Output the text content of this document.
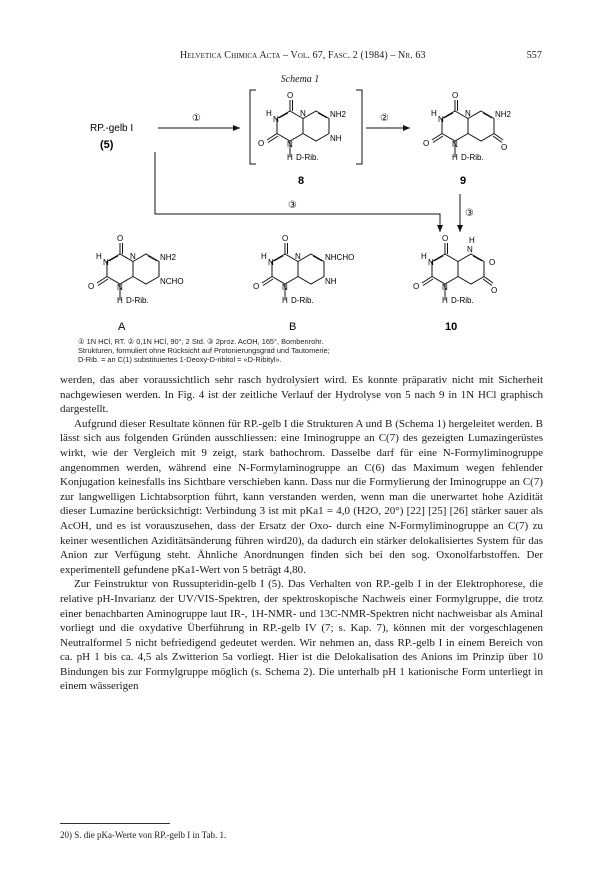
Helvetica Chimica Acta – Vol. 67, Fasc. 2 (1984) – Nr. 63	557
Schema 1
RP.-gelb I
(5)
①
O
H
N
O	N
N	NH2
NH
H D-Rib.
8
②
O
H
N
O	N
N	NH2
O
H D-Rib.
9
③
③
O
H
N
O	N
N	NH2
NCHO
H D-Rib.
A
O
H
N
O	N
N	NHCHO
NH
H D-Rib.
B
O
H
N
O	N
H
N
O
O
H D-Rib.
10
① 1N HCl, RT. ② 0,1N HCl, 90°, 2 Std. ③ 2proz. AcOH, 165°, Bombenrohr.
Strukturen, formuliert ohne Rücksicht auf Protonierungsgrad und Tautomerie;
D-Rib. = an C(1) substituiertes 1-Deoxy-D-ribitol = «D-Ribityl».

werden, das aber voraussichtlich sehr rasch hydrolysiert wird. Es konnte präparativ nicht mit Sicherheit nachgewiesen werden. In Fig. 4 ist der zeitliche Verlauf der Hydrolyse von 5 nach 9 in 1N HCl graphisch dargestellt.

Aufgrund dieser Resultate können für RP.-gelb I die Strukturen A und B (Schema 1) hergeleitet werden. B lässt sich aus folgenden Gründen ausschliessen: eine Iminogruppe an C(7) des gezeigten Lumazingerüstes wirkt, wie der Vergleich mit 9 zeigt, stark bathochrom. Dasselbe darf für eine N-Formyliminogruppe angenommen werden, während eine N-Formylaminogruppe an C(6) das Maximum wegen fehlender Konjugation keinesfalls ins Sichtbare verschieben kann. Dass nur die Formylierung der Iminogruppe an C(7) zur langwelligen Lichtabsorption führt, kann verstanden werden, wenn man die unerwartet hohe Azidität dieser Lumazine berücksichtigt: Verbindung 3 ist mit pKa1 = 4,0 (H2O, 20°) [22] [25] [26] stärker sauer als AcOH, und es ist vorauszusehen, dass der Ersatz der Oxo- durch eine N-Formyliminogruppe an C(7) zu keiner wesentlichen Aziditätsänderung führen wird20), da dadurch ein stärker delokalisiertes System für das Anion zur Verfügung steht. Ähnliche Anordnungen finden sich bei den sog. Oxonolfarbstoffen. Der experimentell gefundene pKa1-Wert von 5 beträgt 4,80.

Zur Feinstruktur von Russupteridin-gelb I (5). Das Verhalten von RP.-gelb I in der Elektrophorese, die relative pH-Invarianz der UV/VIS-Spektren, der spektroskopische Nachweis einer Formylgruppe, die trotz einer benachbarten Aminogruppe laut IR-, 1H-NMR- und 13C-NMR-Spektren nicht nachweisbar als Aminal vorliegt und die oxydative Überführung in RP.-gelb IV (7; s. Kap. 7), können mit der vorgeschlagenen Neutralformel 5 nicht befriedigend gedeutet werden. Wir nehmen an, dass RP.-gelb I in einem Bereich von ca. pH 1 bis ca. 4,5 als Zwitterion 5a vorliegt. Hier ist die Delokalisation des Anions im Prinzip über 10 Bindungen bis zur Formylgruppe möglich (s. Schema 2). Die unterhalb pH 1 kationische Form unterliegt in einem wässerigen

20) S. die pKa-Werte von RP.-gelb I in Tab. 1.
